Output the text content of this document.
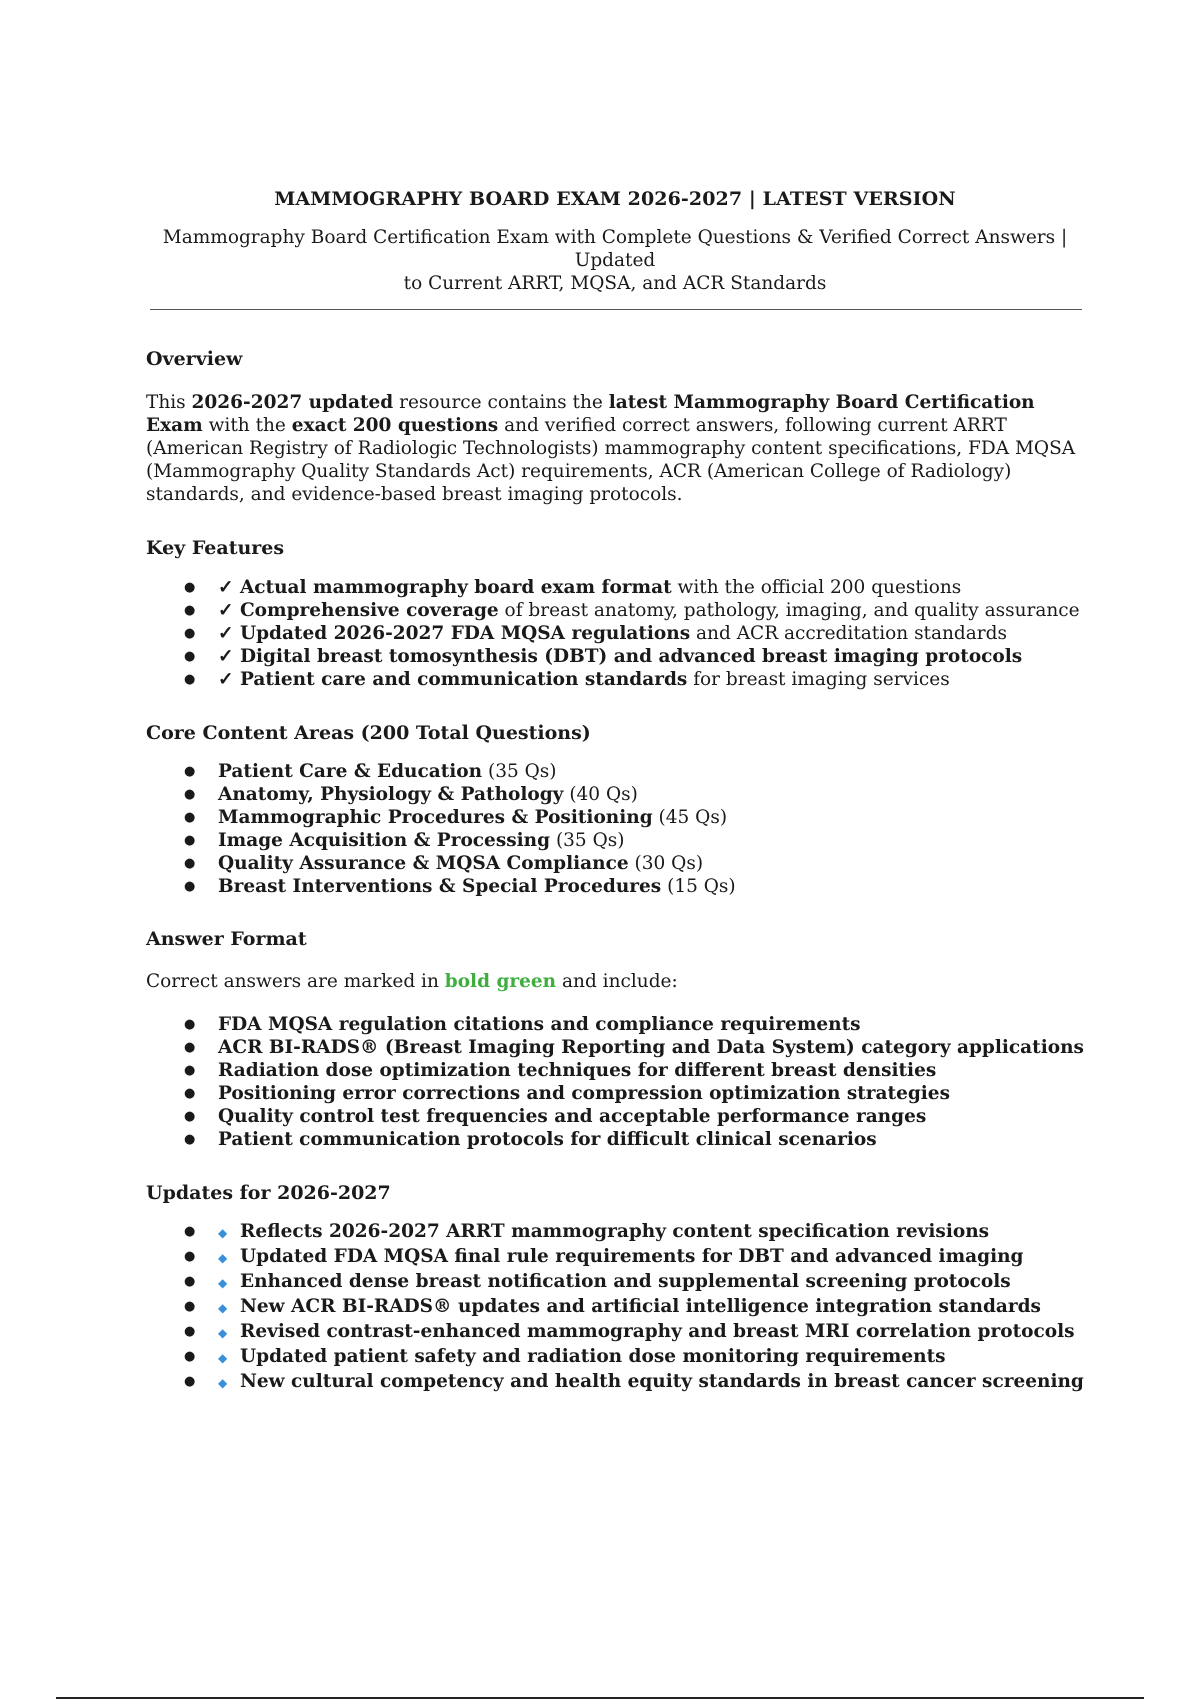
MAMMOGRAPHY BOARD EXAM 2026-2027 | LATEST VERSION
Mammography Board Certification Exam with Complete Questions & Verified Correct Answers | Updated
to Current ARRT, MQSA, and ACR Standards
Overview

This 2026-2027 updated resource contains the latest Mammography Board Certification Exam with the exact 200 questions and verified correct answers, following current ARRT (American Registry of Radiologic Technologists) mammography content specifications, FDA MQSA (Mammography Quality Standards Act) requirements, ACR (American College of Radiology) standards, and evidence-based breast imaging protocols.

Key Features
● ✓ Actual mammography board exam format with the official 200 questions
● ✓ Comprehensive coverage of breast anatomy, pathology, imaging, and quality assurance
● ✓ Updated 2026-2027 FDA MQSA regulations and ACR accreditation standards
● ✓ Digital breast tomosynthesis (DBT) and advanced breast imaging protocols
● ✓ Patient care and communication standards for breast imaging services
Core Content Areas (200 Total Questions)
● Patient Care & Education (35 Qs)
● Anatomy, Physiology & Pathology (40 Qs)
● Mammographic Procedures & Positioning (45 Qs)
● Image Acquisition & Processing (35 Qs)
● Quality Assurance & MQSA Compliance (30 Qs)
● Breast Interventions & Special Procedures (15 Qs)
Answer Format

Correct answers are marked in bold green and include:

● FDA MQSA regulation citations and compliance requirements
● ACR BI-RADS® (Breast Imaging Reporting and Data System) category applications
● Radiation dose optimization techniques for different breast densities
● Positioning error corrections and compression optimization strategies
● Quality control test frequencies and acceptable performance ranges
● Patient communication protocols for difficult clinical scenarios
Updates for 2026-2027
● ◆ Reflects 2026-2027 ARRT mammography content specification revisions
● ◆ Updated FDA MQSA final rule requirements for DBT and advanced imaging
● ◆ Enhanced dense breast notification and supplemental screening protocols
● ◆ New ACR BI-RADS® updates and artificial intelligence integration standards
● ◆ Revised contrast-enhanced mammography and breast MRI correlation protocols
● ◆ Updated patient safety and radiation dose monitoring requirements
● ◆ New cultural competency and health equity standards in breast cancer screening
